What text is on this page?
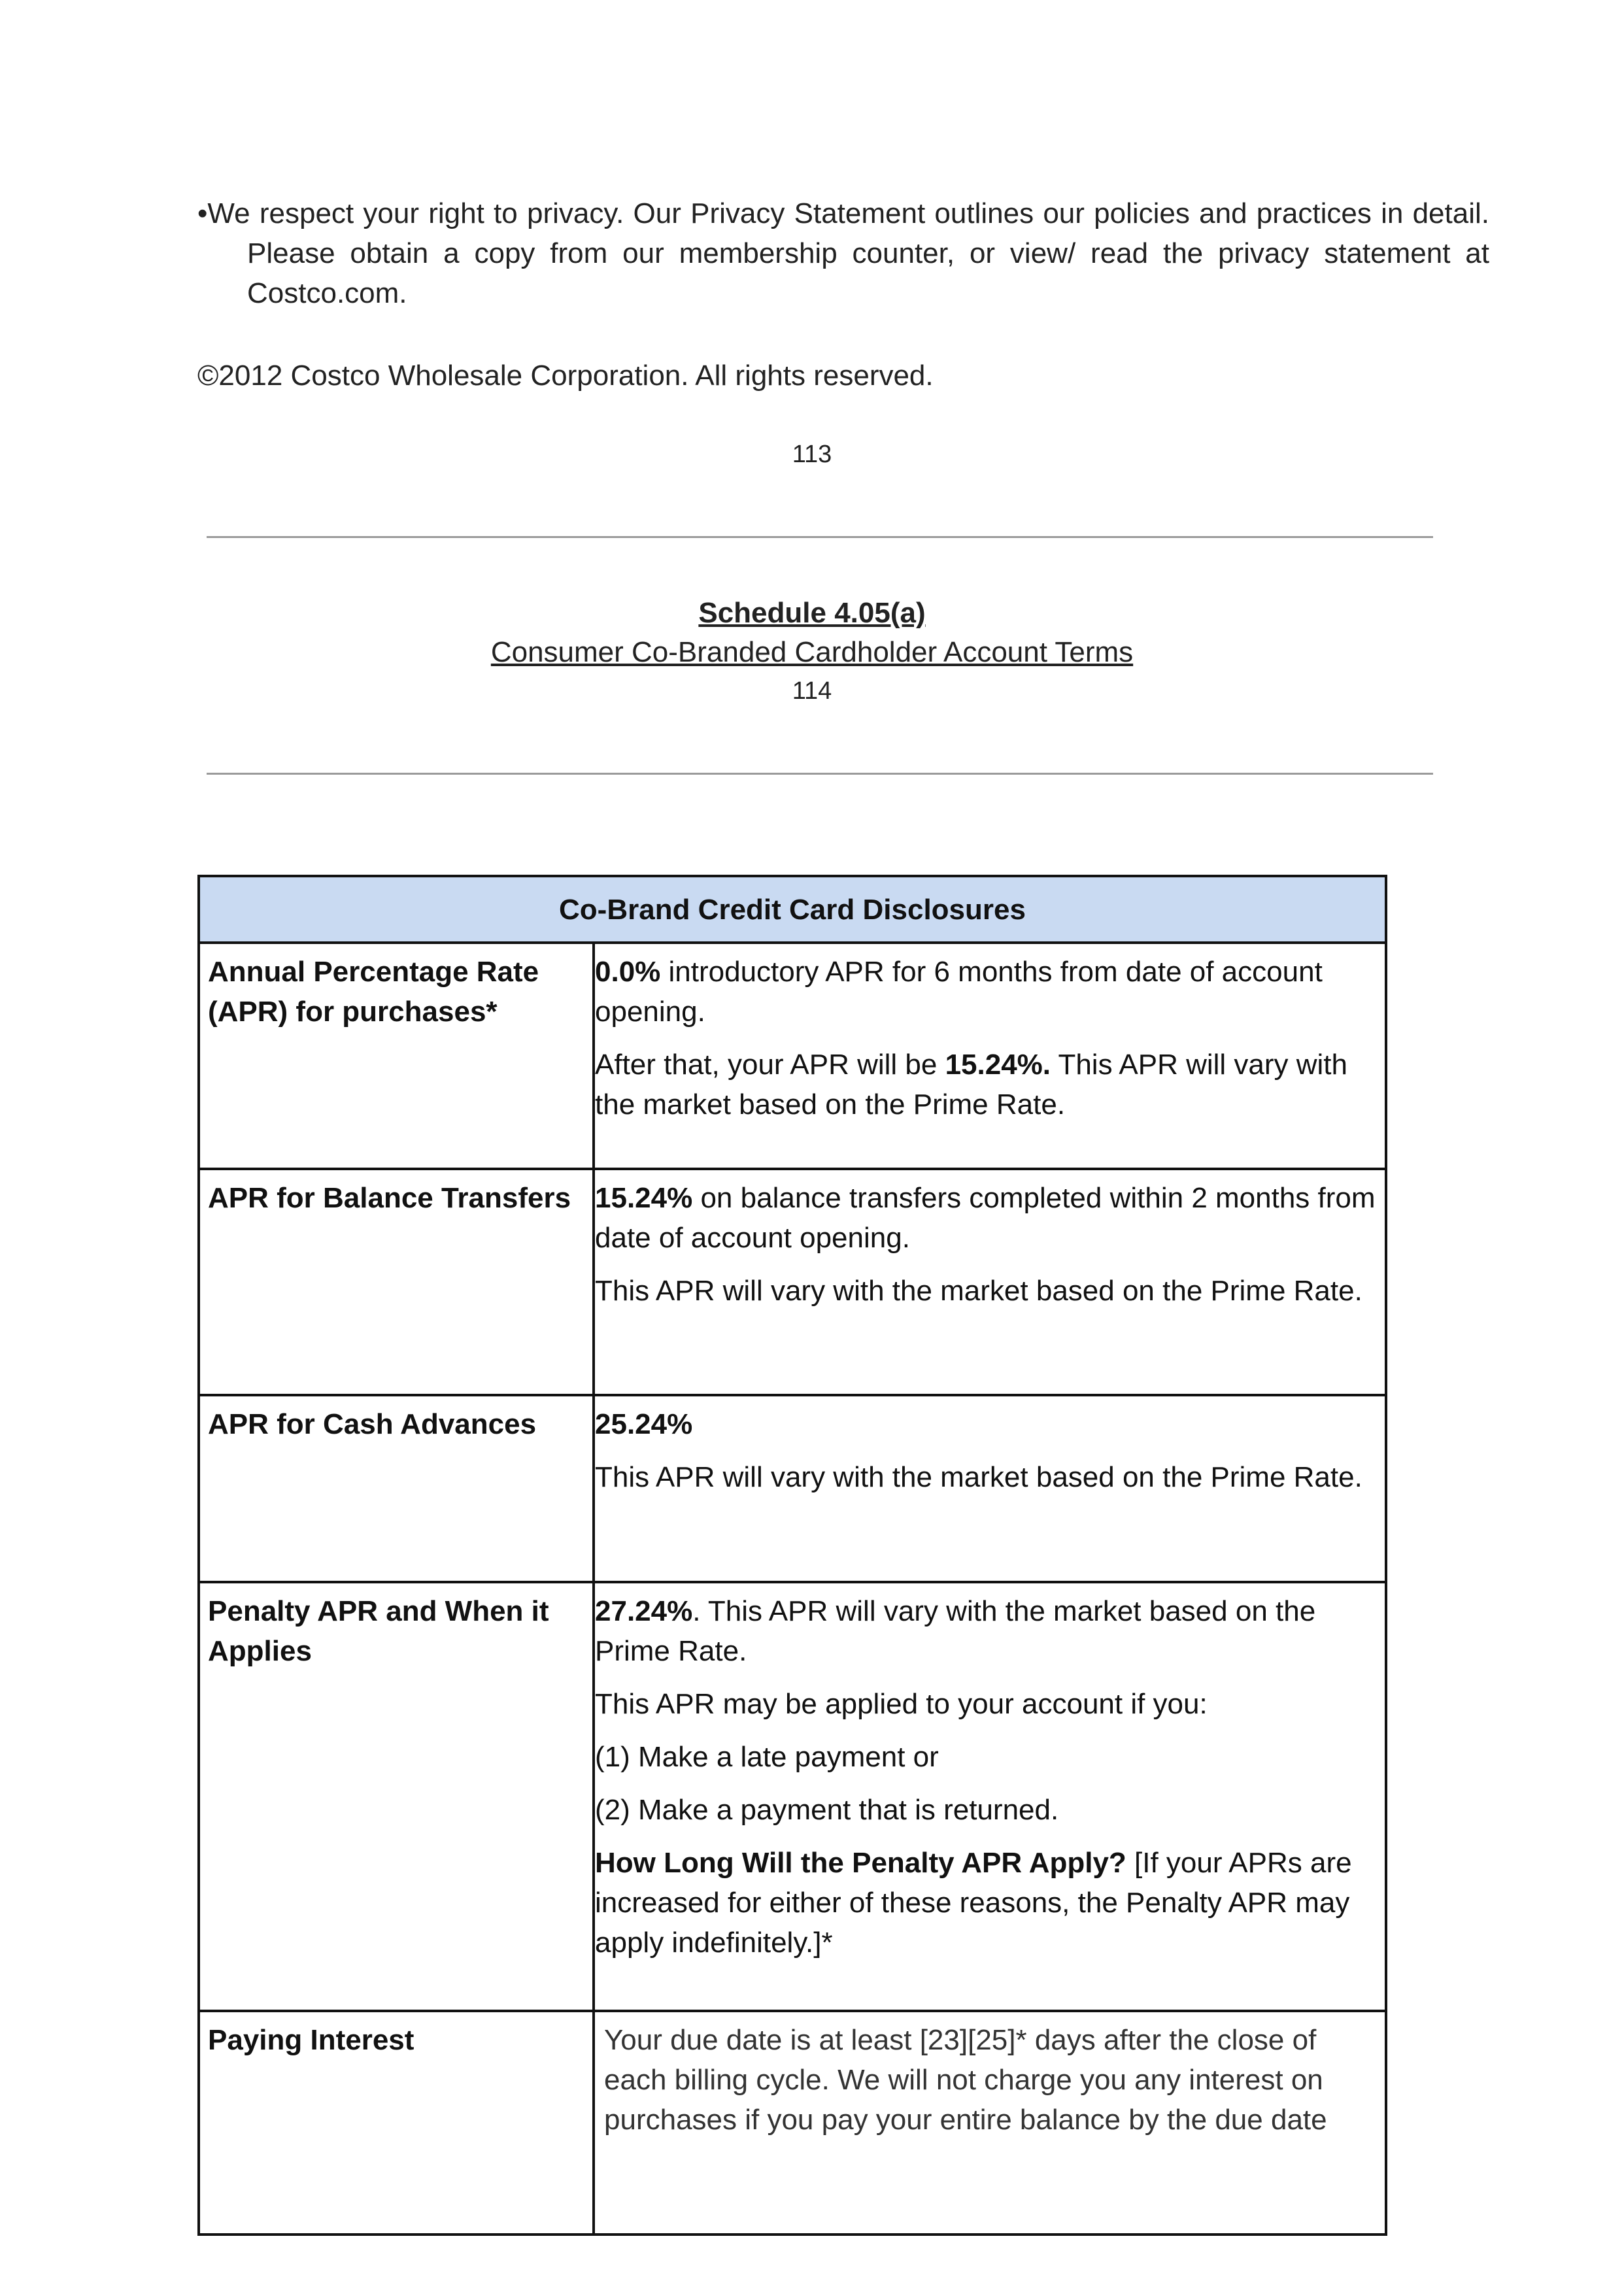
•We respect your right to privacy. Our Privacy Statement outlines our policies and practices in detail. Please obtain a copy from our membership counter, or view/ read the privacy statement at Costco.com.

©2012 Costco Wholesale Corporation. All rights reserved.

113

Schedule 4.05(a)

Consumer Co-Branded Cardholder Account Terms

114

Co-Brand Credit Card Disclosures	
Annual Percentage Rate (APR) for purchases*	0.0% introductory APR for 6 months from date of account opening.

After that, your APR will be 15.24%. This APR will vary with the market based on the Prime Rate.

APR for Balance Transfers	15.24% on balance transfers completed within 2 months from date of account opening.

This APR will vary with the market based on the Prime Rate.

APR for Cash Advances	25.24%

This APR will vary with the market based on the Prime Rate.

Penalty APR and When it Applies	27.24%. This APR will vary with the market based on the Prime Rate.

This APR may be applied to your account if you:

(1) Make a late payment or

(2) Make a payment that is returned.

How Long Will the Penalty APR Apply? [If your APRs are increased for either of these reasons, the Penalty APR may apply indefinitely.]*

Paying Interest	Your due date is at least [23][25]* days after the close of each billing cycle. We will not charge you any interest on purchases if you pay your entire balance by the due date
